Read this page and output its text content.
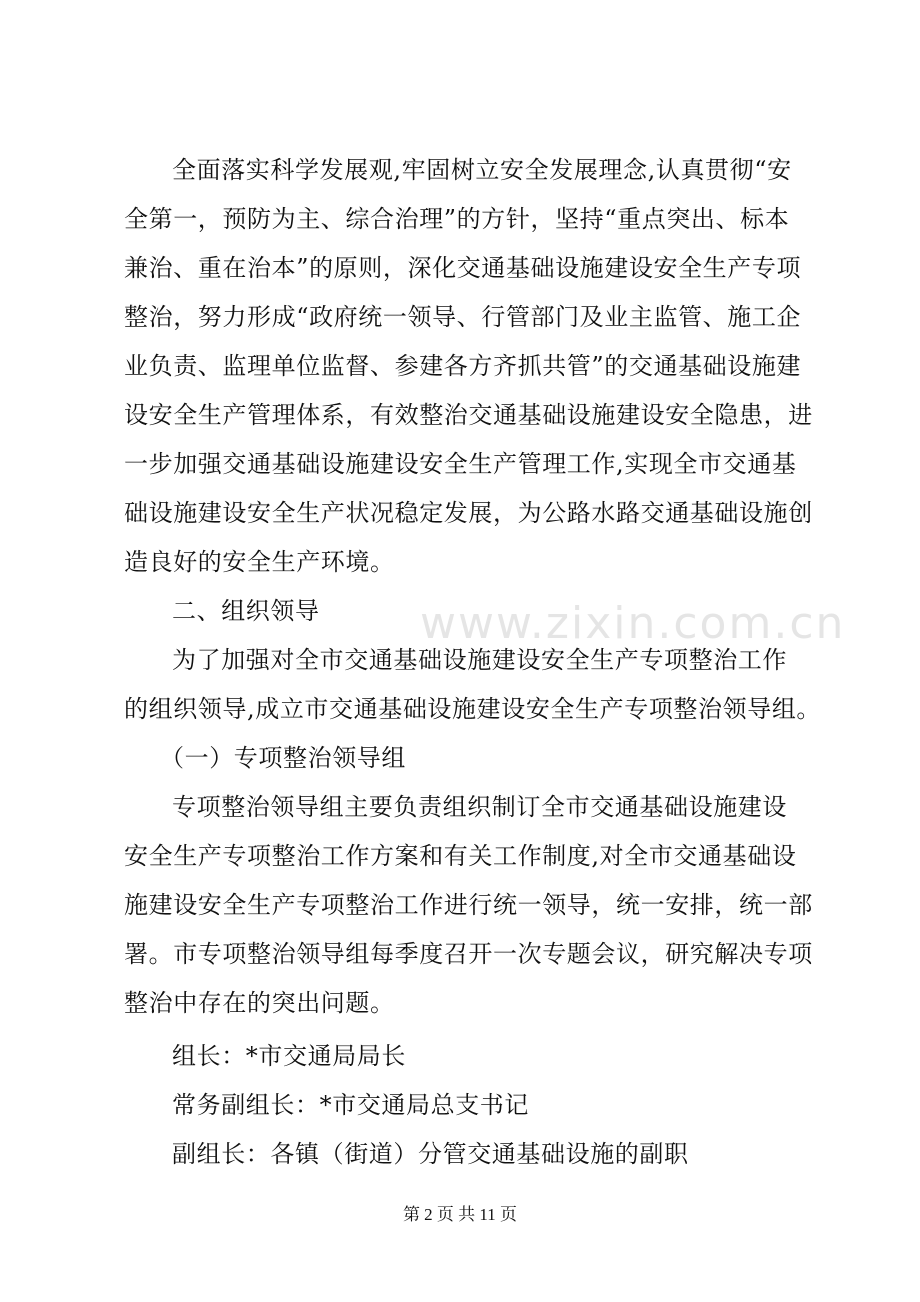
全面落实科学发展观,牢固树立安全发展理念,认真贯彻“安
全第一，预防为主、综合治理”的方针，坚持“重点突出、标本
兼治、重在治本”的原则，深化交通基础设施建设安全生产专项
整治，努力形成“政府统一领导、行管部门及业主监管、施工企
业负责、监理单位监督、参建各方齐抓共管”的交通基础设施建
设安全生产管理体系，有效整治交通基础设施建设安全隐患，进
一步加强交通基础设施建设安全生产管理工作,实现全市交通基
础设施建设安全生产状况稳定发展，为公路水路交通基础设施创
造良好的安全生产环境。

二、组织领导

为了加强对全市交通基础设施建设安全生产专项整治工作
的组织领导,成立市交通基础设施建设安全生产专项整治领导组。

（一）专项整治领导组

专项整治领导组主要负责组织制订全市交通基础设施建设
安全生产专项整治工作方案和有关工作制度,对全市交通基础设
施建设安全生产专项整治工作进行统一领导，统一安排，统一部
署。市专项整治领导组每季度召开一次专题会议，研究解决专项
整治中存在的突出问题。

组长：*市交通局局长

常务副组长：*市交通局总支书记

副组长：各镇（街道）分管交通基础设施的副职

www.zixin.com.cn
第 2 页 共 11 页
